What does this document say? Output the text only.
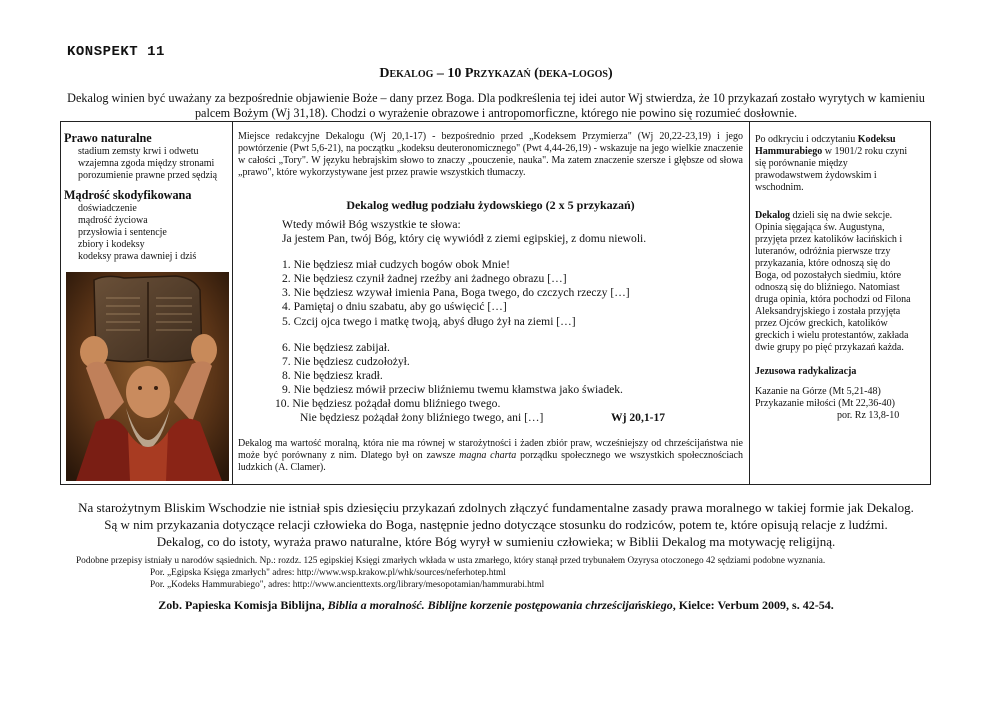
KONSPEKT 11
Dekalog – 10 Przykazań (deka-logos)
Dekalog winien być uważany za bezpośrednie objawienie Boże – dany przez Boga. Dla podkreślenia tej idei autor Wj stwierdza, że 10 przykazań zostało wyrytych w kamieniu palcem Bożym (Wj 31,18). Chodzi o wyrażenie obrazowe i antropomorficzne, którego nie powino się rozumieć dosłownie.
Prawo naturalne
stadium zemsty krwi i odwetu
wzajemna zgoda między stronami
porozumienie prawne przed sędzią
Mądrość skodyfikowana
doświadczenie
mądrość życiowa
przysłowia i sentencje
zbiory i kodeksy
kodeksy prawa dawniej i dziś
Miejsce redakcyjne Dekalogu (Wj 20,1-17) - bezpośrednio przed „Kodeksem Przymierza" (Wj 20,22-23,19) i jego powtórzenie (Pwt 5,6-21), na początku „kodeksu deuteronomicznego" (Pwt 4,44-26,19) - wskazuje na jego wielkie znaczenie w całości „Tory". W języku hebrajskim słowo to znaczy „pouczenie, nauka". Ma zatem znaczenie szersze i głębsze od słowa „prawo", które wykorzystywane jest przez prawie wszystkich tłumaczy.
Dekalog według podziału żydowskiego (2 x 5 przykazań)
Wtedy mówił Bóg wszystkie te słowa:
Ja jestem Pan, twój Bóg, który cię wywiódł z ziemi egipskiej, z domu niewoli.
1. Nie będziesz miał cudzych bogów obok Mnie!
2. Nie będziesz czynił żadnej rzeźby ani żadnego obrazu […]
3. Nie będziesz wzywał imienia Pana, Boga twego, do czczych rzeczy […]
4. Pamiętaj o dniu szabatu, aby go uświęcić […]
5. Czcij ojca twego i matkę twoją, abyś długo żył na ziemi […]
6. Nie będziesz zabijał.
7. Nie będziesz cudzołożył.
8. Nie będziesz kradł.
9. Nie będziesz mówił przeciw bliźniemu twemu kłamstwa jako świadek.
10. Nie będziesz pożądał domu bliźniego twego.
Nie będziesz pożądał żony bliźniego twego, ani […]	Wj 20,1-17
Dekalog ma wartość moralną, która nie ma równej w starożytności i żaden zbiór praw, wcześniejszy od chrześcijaństwa nie może być porównany z nim. Dlatego był on zawsze magna charta porządku społecznego we wszystkich społecznościach ludzkich (A. Clamer).
Po odkryciu i odczytaniu Kodeksu Hammurabiego w 1901/2 roku czyni się porównanie między prawodawstwem żydowskim i wschodnim.
Dekalog dzieli się na dwie sekcje. Opinia sięgająca św. Augustyna, przyjęta przez katolików łacińskich i luteranów, odróżnia pierwsze trzy przykazania, które odnoszą się do Boga, od pozostałych siedmiu, które odnoszą się do bliźniego. Natomiast druga opinia, która pochodzi od Filona Aleksandryjskiego i została przyjęta przez Ojców greckich, katolików greckich i wielu protestantów, zakłada dwie grupy po pięć przykazań każda.
Jezusowa radykalizacja
Kazanie na Górze (Mt 5,21-48)
Przykazanie miłości (Mt 22,36-40)
por. Rz 13,8-10
Na starożytnym Bliskim Wschodzie nie istniał spis dziesięciu przykazań zdolnych złączyć fundamentalne zasady prawa moralnego w takiej formie jak Dekalog.
Są w nim przykazania dotyczące relacji człowieka do Boga, następnie jedno dotyczące stosunku do rodziców, potem te, które opisują relacje z ludźmi.
Dekalog, co do istoty, wyraża prawo naturalne, które Bóg wyrył w sumieniu człowieka; w Biblii Dekalog ma motywację religijną.
Podobne przepisy istniały u narodów sąsiednich. Np.: rozdz. 125 egipskiej Księgi zmarłych wkłada w usta zmarłego, który stanął przed trybunałem Ozyrysa otoczonego 42 sędziami podobne wyznania.
Por. „Egipska Księga zmarłych" adres: http://www.wsp.krakow.pl/whk/sources/neferhotep.html
Por. „Kodeks Hammurabiego", adres: http://www.ancienttexts.org/library/mesopotamian/hammurabi.html
Zob. Papieska Komisja Biblijna, Biblia a moralność. Biblijne korzenie postępowania chrześcijańskiego, Kielce: Verbum 2009, s. 42-54.
